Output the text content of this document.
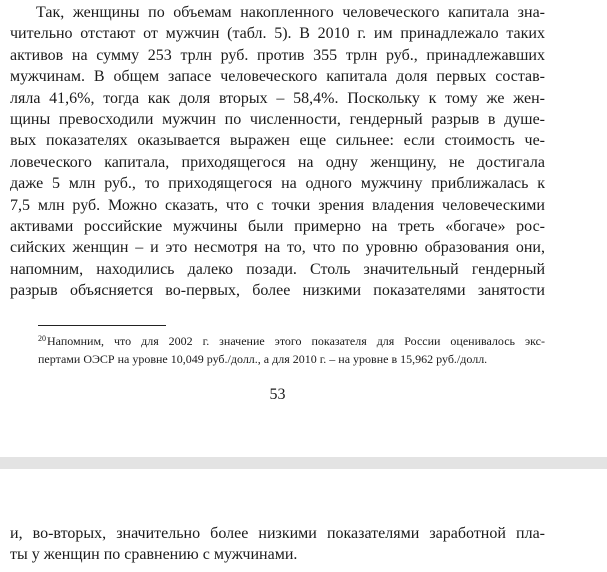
Так, женщины по объемам накопленного человеческого капитала зна-
чительно отстают от мужчин (табл. 5). В 2010 г. им принадлежало таких
активов на сумму 253 трлн руб. против 355 трлн руб., принадлежавших
мужчинам. В общем запасе человеческого капитала доля первых состав-
ляла 41,6%, тогда как доля вторых – 58,4%. Поскольку к тому же жен-
щины превосходили мужчин по численности, гендерный разрыв в душе-
вых показателях оказывается выражен еще сильнее: если стоимость че-
ловеческого капитала, приходящегося на одну женщину, не достигала
даже 5 млн руб., то приходящегося на одного мужчину приближалась к
7,5 млн руб. Можно сказать, что с точки зрения владения человеческими
активами российские мужчины были примерно на треть «богаче» рос-
сийских женщин – и это несмотря на то, что по уровню образования они,
напомним, находились далеко позади. Столь значительный гендерный
разрыв объясняется во-первых, более низкими показателями занятости
$^{20}$Напомним, что для 2002 г. значение этого показателя для России оценивалось экс-
пертами ОЭСР на уровне 10,049 руб./долл., а для 2010 г. – на уровне в 15,962 руб./долл.
53
и, во-вторых, значительно более низкими показателями заработной пла-
ты у женщин по сравнению с мужчинами.
